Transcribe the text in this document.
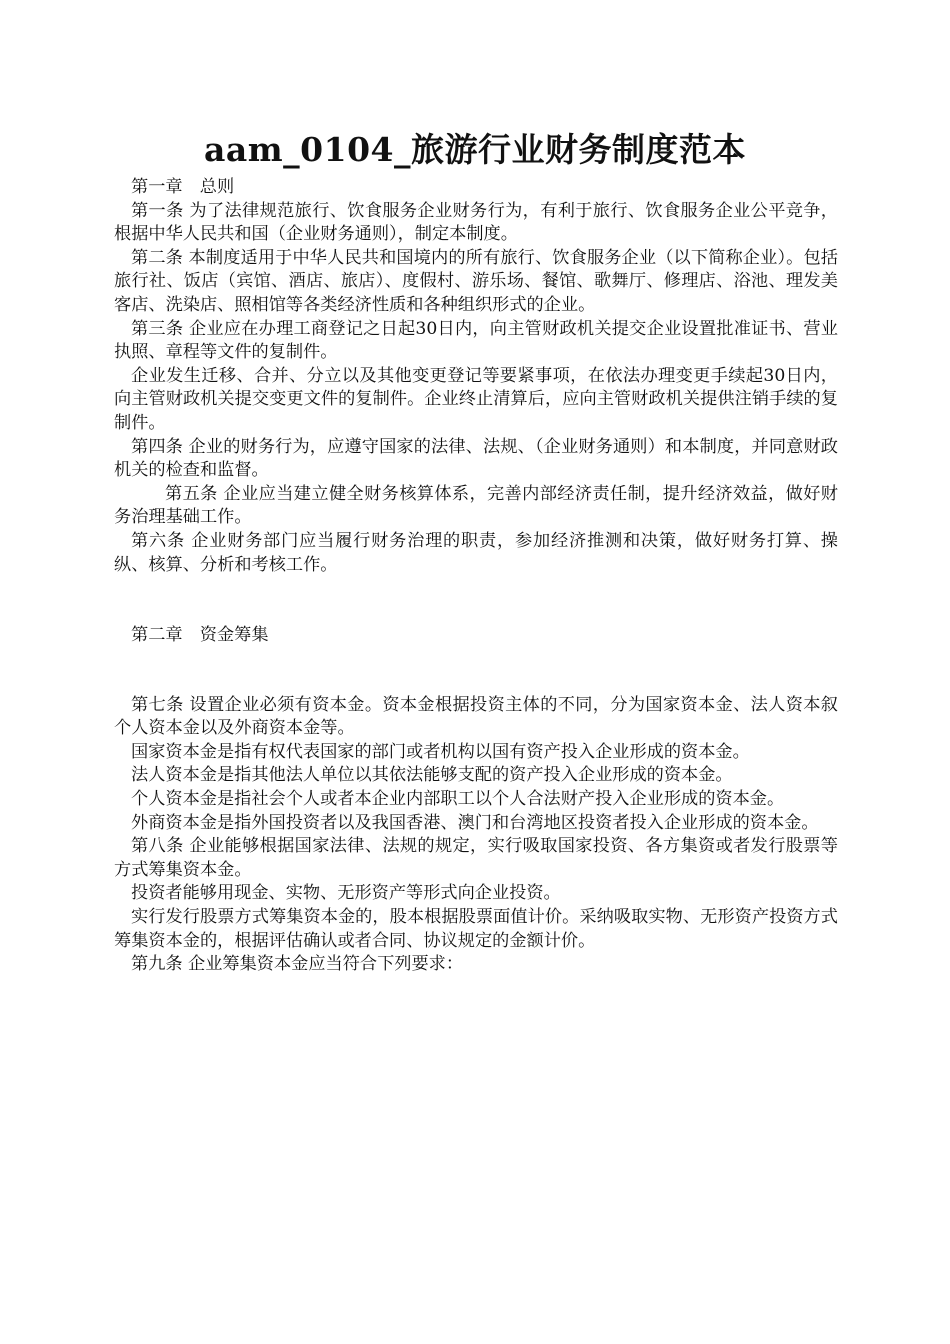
aam_0104_旅游行业财务制度范本

第一章　总则

第一条 为了法律规范旅行、饮食服务企业财务行为，有利于旅行、饮食服务企业公平竞争，根据中华人民共和国（企业财务通则），制定本制度。

第二条 本制度适用于中华人民共和国境内的所有旅行、饮食服务企业（以下简称企业）。包括旅行社、饭店（宾馆、酒店、旅店）、度假村、游乐场、餐馆、歌舞厅、修理店、浴池、理发美客店、洗染店、照相馆等各类经济性质和各种组织形式的企业。

第三条 企业应在办理工商登记之日起30日内，向主管财政机关提交企业设置批准证书、营业执照、章程等文件的复制件。

企业发生迁移、合并、分立以及其他变更登记等要紧事项，在依法办理变更手续起30日内，向主管财政机关提交变更文件的复制件。企业终止清算后，应向主管财政机关提供注销手续的复制件。

第四条 企业的财务行为，应遵守国家的法律、法规、（企业财务通则）和本制度，并同意财政机关的检查和监督。

第五条 企业应当建立健全财务核算体系，完善内部经济责任制，提升经济效益，做好财务治理基础工作。

第六条 企业财务部门应当履行财务治理的职责，参加经济推测和决策，做好财务打算、操纵、核算、分析和考核工作。

第二章　资金筹集

第七条 设置企业必须有资本金。资本金根据投资主体的不同，分为国家资本金、法人资本叙个人资本金以及外商资本金等。

国家资本金是指有权代表国家的部门或者机构以国有资产投入企业形成的资本金。

法人资本金是指其他法人单位以其依法能够支配的资产投入企业形成的资本金。

个人资本金是指社会个人或者本企业内部职工以个人合法财产投入企业形成的资本金。

外商资本金是指外国投资者以及我国香港、澳门和台湾地区投资者投入企业形成的资本金。

第八条 企业能够根据国家法律、法规的规定，实行吸取国家投资、各方集资或者发行股票等方式筹集资本金。

投资者能够用现金、实物、无形资产等形式向企业投资。

实行发行股票方式筹集资本金的，股本根据股票面值计价。采纳吸取实物、无形资产投资方式筹集资本金的，根据评估确认或者合同、协议规定的金额计价。

第九条 企业筹集资本金应当符合下列要求：
